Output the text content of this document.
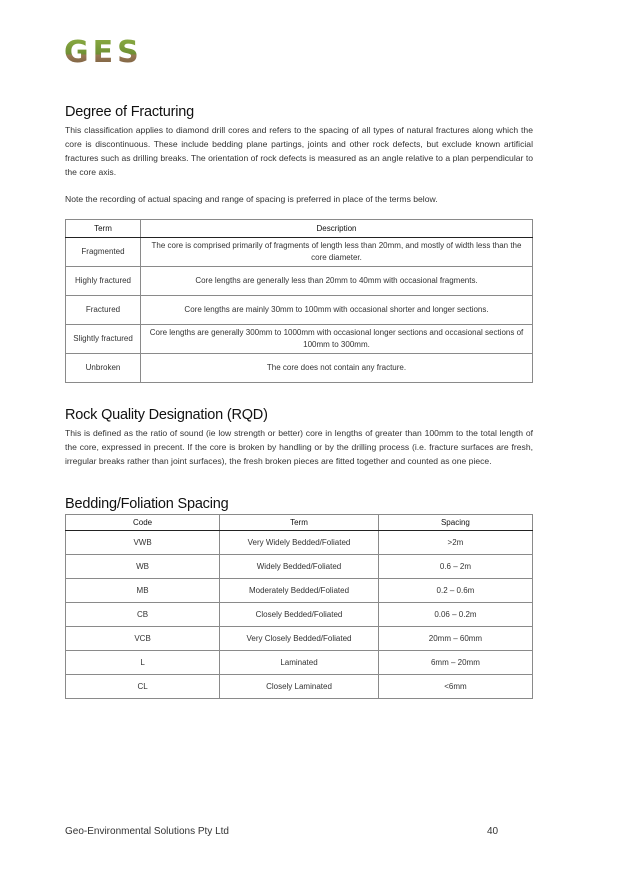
GES
Degree of Fracturing

This classification applies to diamond drill cores and refers to the spacing of all types of natural fractures along which the core is discontinuous. These include bedding plane partings, joints and other rock defects, but exclude known artificial fractures such as drilling breaks. The orientation of rock defects is measured as an angle relative to a plan perpendicular to the core axis.

Note the recording of actual spacing and range of spacing is preferred in place of the terms below.

Term	Description
Fragmented	The core is comprised primarily of fragments of length less than 20mm, and mostly of width less than the core diameter.
Highly fractured	Core lengths are generally less than 20mm to 40mm with occasional fragments.
Fractured	Core lengths are mainly 30mm to 100mm with occasional shorter and longer sections.
Slightly fractured	Core lengths are generally 300mm to 1000mm with occasional longer sections and occasional sections of 100mm to 300mm.
Unbroken	The core does not contain any fracture.
Rock Quality Designation (RQD)

This is defined as the ratio of sound (ie low strength or better) core in lengths of greater than 100mm to the total length of the core, expressed in precent. If the core is broken by handling or by the drilling process (i.e. fracture surfaces are fresh, irregular breaks rather than joint surfaces), the fresh broken pieces are fitted together and counted as one piece.

Bedding/Foliation Spacing
Code	Term	Spacing
VWB	Very Widely Bedded/Foliated	>2m
WB	Widely Bedded/Foliated	0.6 – 2m
MB	Moderately Bedded/Foliated	0.2 – 0.6m
CB	Closely Bedded/Foliated	0.06 – 0.2m
VCB	Very Closely Bedded/Foliated	20mm – 60mm
L	Laminated	6mm – 20mm
CL	Closely Laminated	<6mm
Geo-Environmental Solutions Pty Ltd	40
